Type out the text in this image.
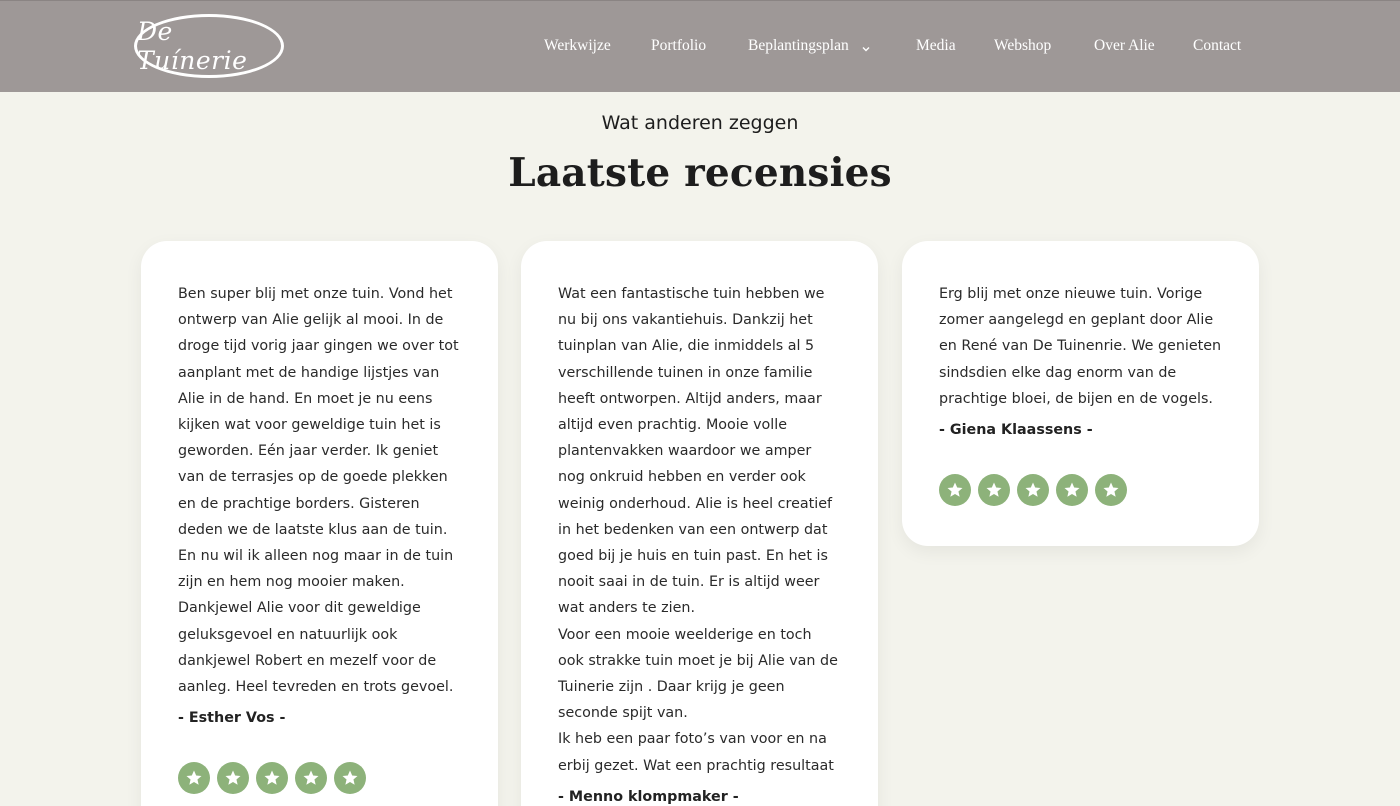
De Tuínerie
Werkwijze	Portfolio	Beplantingsplan	Media Webshop	Over Alie Contact
Wat anderen zeggen
Laatste recensies

Ben super blij met onze tuin. Vond het ontwerp van Alie gelijk al mooi. In de droge tijd vorig jaar gingen we over tot aanplant met de handige lijstjes van Alie in de hand. En moet je nu eens kijken wat voor geweldige tuin het is geworden. Eén jaar verder. Ik geniet van de terrasjes op de goede plekken en de prachtige borders. Gisteren deden we de laatste klus aan de tuin. En nu wil ik alleen nog maar in de tuin zijn en hem nog mooier maken.
Dankjewel Alie voor dit geweldige geluksgevoel en natuurlijk ook dankjewel Robert en mezelf voor de aanleg. Heel tevreden en trots gevoel.

- Esther Vos -

Wat een fantastische tuin hebben we nu bij ons vakantiehuis. Dankzij het tuinplan van Alie, die inmiddels al 5 verschillende tuinen in onze familie heeft ontworpen. Altijd anders, maar altijd even prachtig. Mooie volle plantenvakken waardoor we amper nog onkruid hebben en verder ook weinig onderhoud. Alie is heel creatief in het bedenken van een ontwerp dat goed bij je huis en tuin past. En het is nooit saai in de tuin. Er is altijd weer wat anders te zien.
Voor een mooie weelderige en toch ook strakke tuin moet je bij Alie van de Tuinerie zijn . Daar krijg je geen seconde spijt van.
Ik heb een paar foto’s van voor en na erbij gezet. Wat een prachtig resultaat

- Menno klompmaker -

Erg blij met onze nieuwe tuin. Vorige zomer aangelegd en geplant door Alie en René van De Tuinenrie. We genieten sindsdien elke dag enorm van de prachtige bloei, de bijen en de vogels.

- Giena Klaassens -
